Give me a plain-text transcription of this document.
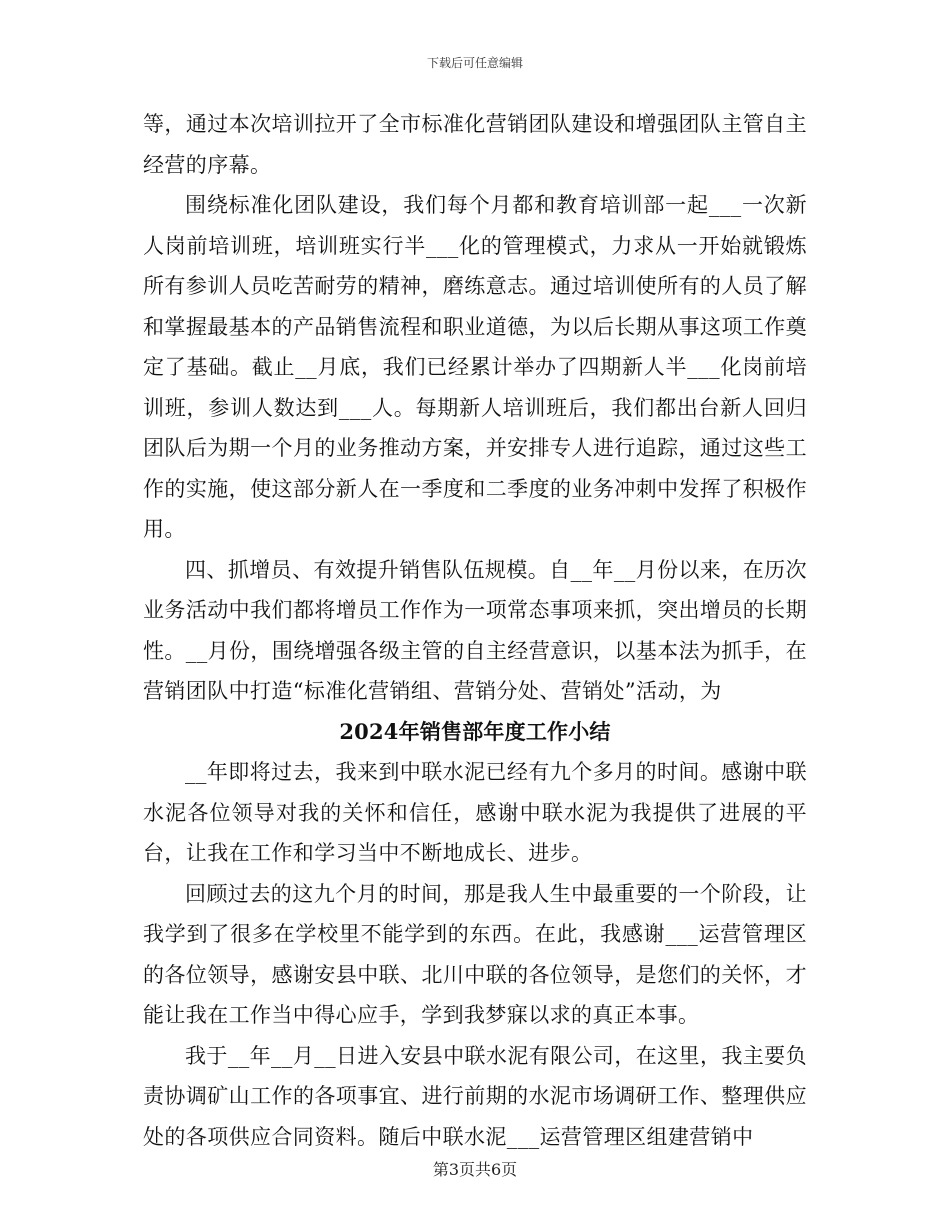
下载后可任意编辑

等，通过本次培训拉开了全市标准化营销团队建设和增强团队主管自主经营的序幕。

围绕标准化团队建设，我们每个月都和教育培训部一起___一次新人岗前培训班，培训班实行半___化的管理模式，力求从一开始就锻炼所有参训人员吃苦耐劳的精神，磨练意志。通过培训使所有的人员了解和掌握最基本的产品销售流程和职业道德，为以后长期从事这项工作奠定了基础。截止__月底，我们已经累计举办了四期新人半___化岗前培训班，参训人数达到___人。每期新人培训班后，我们都出台新人回归团队后为期一个月的业务推动方案，并安排专人进行追踪，通过这些工作的实施，使这部分新人在一季度和二季度的业务冲刺中发挥了积极作用。

四、抓增员、有效提升销售队伍规模。自__年__月份以来，在历次业务活动中我们都将增员工作作为一项常态事项来抓，突出增员的长期性。__月份，围绕增强各级主管的自主经营意识，以基本法为抓手，在营销团队中打造“标准化营销组、营销分处、营销处”活动，为

2024年销售部年度工作小结

__年即将过去，我来到中联水泥已经有九个多月的时间。感谢中联水泥各位领导对我的关怀和信任，感谢中联水泥为我提供了进展的平台，让我在工作和学习当中不断地成长、进步。

回顾过去的这九个月的时间，那是我人生中最重要的一个阶段，让我学到了很多在学校里不能学到的东西。在此，我感谢___运营管理区的各位领导，感谢安县中联、北川中联的各位领导，是您们的关怀，才能让我在工作当中得心应手，学到我梦寐以求的真正本事。

我于__年__月__日进入安县中联水泥有限公司，在这里，我主要负责协调矿山工作的各项事宜、进行前期的水泥市场调研工作、整理供应处的各项供应合同资料。随后中联水泥___运营管理区组建营销中

第3页共6页
